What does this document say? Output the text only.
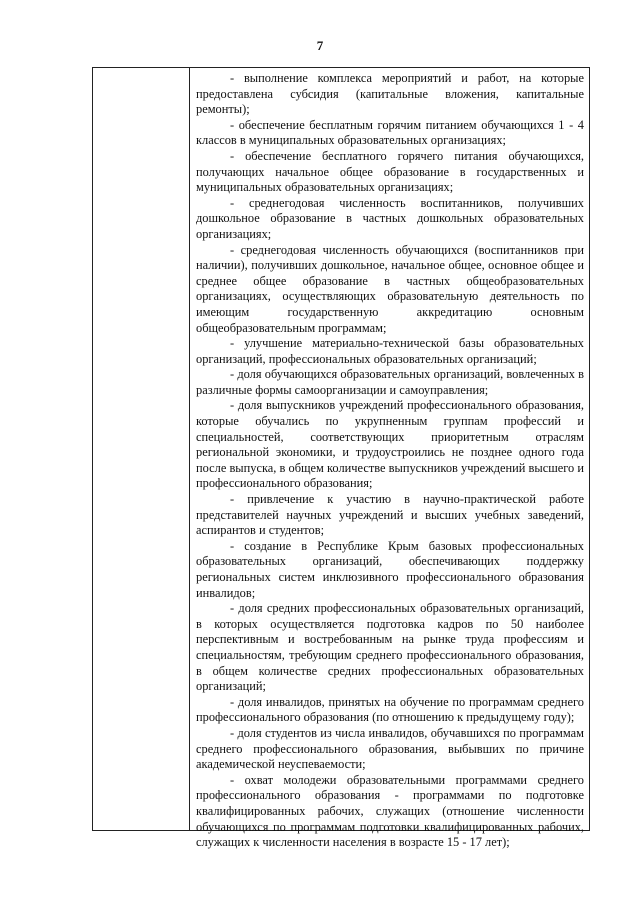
7

- выполнение комплекса мероприятий и работ, на которые предоставлена субсидия (капитальные вложения, капитальные ремонты);

- обеспечение бесплатным горячим питанием обучающихся 1 - 4 классов в муниципальных образовательных организациях;

- обеспечение бесплатного горячего питания обучающихся, получающих начальное общее образование в государственных и муниципальных образовательных организациях;

- среднегодовая численность воспитанников, получивших дошкольное образование в частных дошкольных образовательных организациях;

- среднегодовая численность обучающихся (воспитанников при наличии), получивших дошкольное, начальное общее, основное общее и среднее общее образование в частных общеобразовательных организациях, осуществляющих образовательную деятельность по имеющим государственную аккредитацию основным общеобразовательным программам;

- улучшение материально-технической базы образовательных организаций, профессиональных образовательных организаций;

- доля обучающихся образовательных организаций, вовлеченных в различные формы самоорганизации и самоуправления;

- доля выпускников учреждений профессионального образования, которые обучались по укрупненным группам профессий и специальностей, соответствующих приоритетным отраслям региональной экономики, и трудоустроились не позднее одного года после выпуска, в общем количестве выпускников учреждений высшего и профессионального образования;

- привлечение к участию в научно-практической работе представителей научных учреждений и высших учебных заведений, аспирантов и студентов;

- создание в Республике Крым базовых профессиональных образовательных организаций, обеспечивающих поддержку региональных систем инклюзивного профессионального образования инвалидов;

- доля средних профессиональных образовательных организаций, в которых осуществляется подготовка кадров по 50 наиболее перспективным и востребованным на рынке труда профессиям и специальностям, требующим среднего профессионального образования, в общем количестве средних профессиональных образовательных организаций;

- доля инвалидов, принятых на обучение по программам среднего профессионального образования (по отношению к предыдущему году);

- доля студентов из числа инвалидов, обучавшихся по программам среднего профессионального образования, выбывших по причине академической неуспеваемости;

- охват молодежи образовательными программами среднего профессионального образования - программами по подготовке квалифицированных рабочих, служащих (отношение численности обучающихся по программам подготовки квалифицированных рабочих, служащих к численности населения в возрасте 15 - 17 лет);
